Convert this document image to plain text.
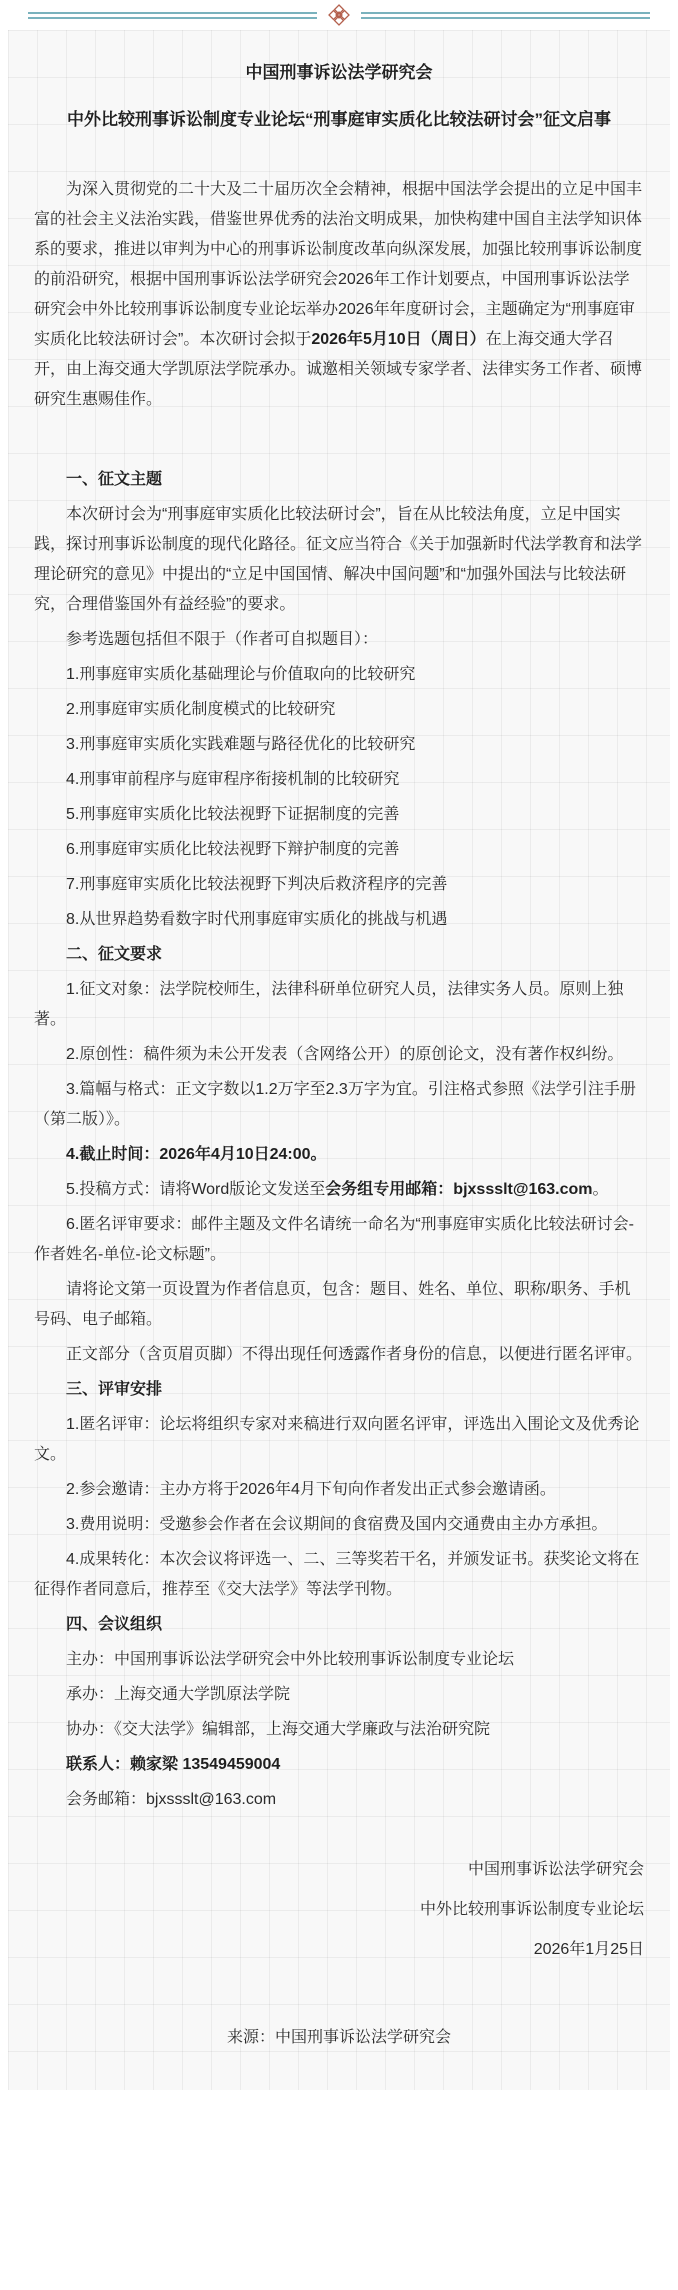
中国刑事诉讼法学研究会

中外比较刑事诉讼制度专业论坛“刑事庭审实质化比较法研讨会”征文启事

为深入贯彻党的二十大及二十届历次全会精神，根据中国法学会提出的立足中国丰富的社会主义法治实践，借鉴世界优秀的法治文明成果，加快构建中国自主法学知识体系的要求，推进以审判为中心的刑事诉讼制度改革向纵深发展，加强比较刑事诉讼制度的前沿研究，根据中国刑事诉讼法学研究会2026年工作计划要点，中国刑事诉讼法学研究会中外比较刑事诉讼制度专业论坛举办2026年年度研讨会，主题确定为“刑事庭审实质化比较法研讨会”。本次研讨会拟于2026年5月10日（周日）在上海交通大学召开，由上海交通大学凯原法学院承办。诚邀相关领域专家学者、法律实务工作者、硕博研究生惠赐佳作。

一、征文主题

本次研讨会为“刑事庭审实质化比较法研讨会”，旨在从比较法角度，立足中国实践，探讨刑事诉讼制度的现代化路径。征文应当符合《关于加强新时代法学教育和法学理论研究的意见》中提出的“立足中国国情、解决中国问题”和“加强外国法与比较法研究，合理借鉴国外有益经验”的要求。

参考选题包括但不限于（作者可自拟题目）：

1.刑事庭审实质化基础理论与价值取向的比较研究

2.刑事庭审实质化制度模式的比较研究

3.刑事庭审实质化实践难题与路径优化的比较研究

4.刑事审前程序与庭审程序衔接机制的比较研究

5.刑事庭审实质化比较法视野下证据制度的完善

6.刑事庭审实质化比较法视野下辩护制度的完善

7.刑事庭审实质化比较法视野下判决后救济程序的完善

8.从世界趋势看数字时代刑事庭审实质化的挑战与机遇

二、征文要求

1.征文对象：法学院校师生，法律科研单位研究人员，法律实务人员。原则上独著。

2.原创性：稿件须为未公开发表（含网络公开）的原创论文，没有著作权纠纷。

3.篇幅与格式：正文字数以1.2万字至2.3万字为宜。引注格式参照《法学引注手册（第二版）》。

4.截止时间：2026年4月10日24:00。

5.投稿方式：请将Word版论文发送至会务组专用邮箱：bjxssslt@163.com。

6.匿名评审要求：邮件主题及文件名请统一命名为“刑事庭审实质化比较法研讨会-作者姓名-单位-论文标题”。

请将论文第一页设置为作者信息页，包含：题目、姓名、单位、职称/职务、手机号码、电子邮箱。

正文部分（含页眉页脚）不得出现任何透露作者身份的信息，以便进行匿名评审。

三、评审安排

1.匿名评审：论坛将组织专家对来稿进行双向匿名评审，评选出入围论文及优秀论文。

2.参会邀请：主办方将于2026年4月下旬向作者发出正式参会邀请函。

3.费用说明：受邀参会作者在会议期间的食宿费及国内交通费由主办方承担。

4.成果转化：本次会议将评选一、二、三等奖若干名，并颁发证书。获奖论文将在征得作者同意后，推荐至《交大法学》等法学刊物。

四、会议组织

主办：中国刑事诉讼法学研究会中外比较刑事诉讼制度专业论坛

承办：上海交通大学凯原法学院

协办：《交大法学》编辑部，上海交通大学廉政与法治研究院

联系人：赖家梁 13549459004

会务邮箱：bjxssslt@163.com

中国刑事诉讼法学研究会

中外比较刑事诉讼制度专业论坛

2026年1月25日

来源：中国刑事诉讼法学研究会
